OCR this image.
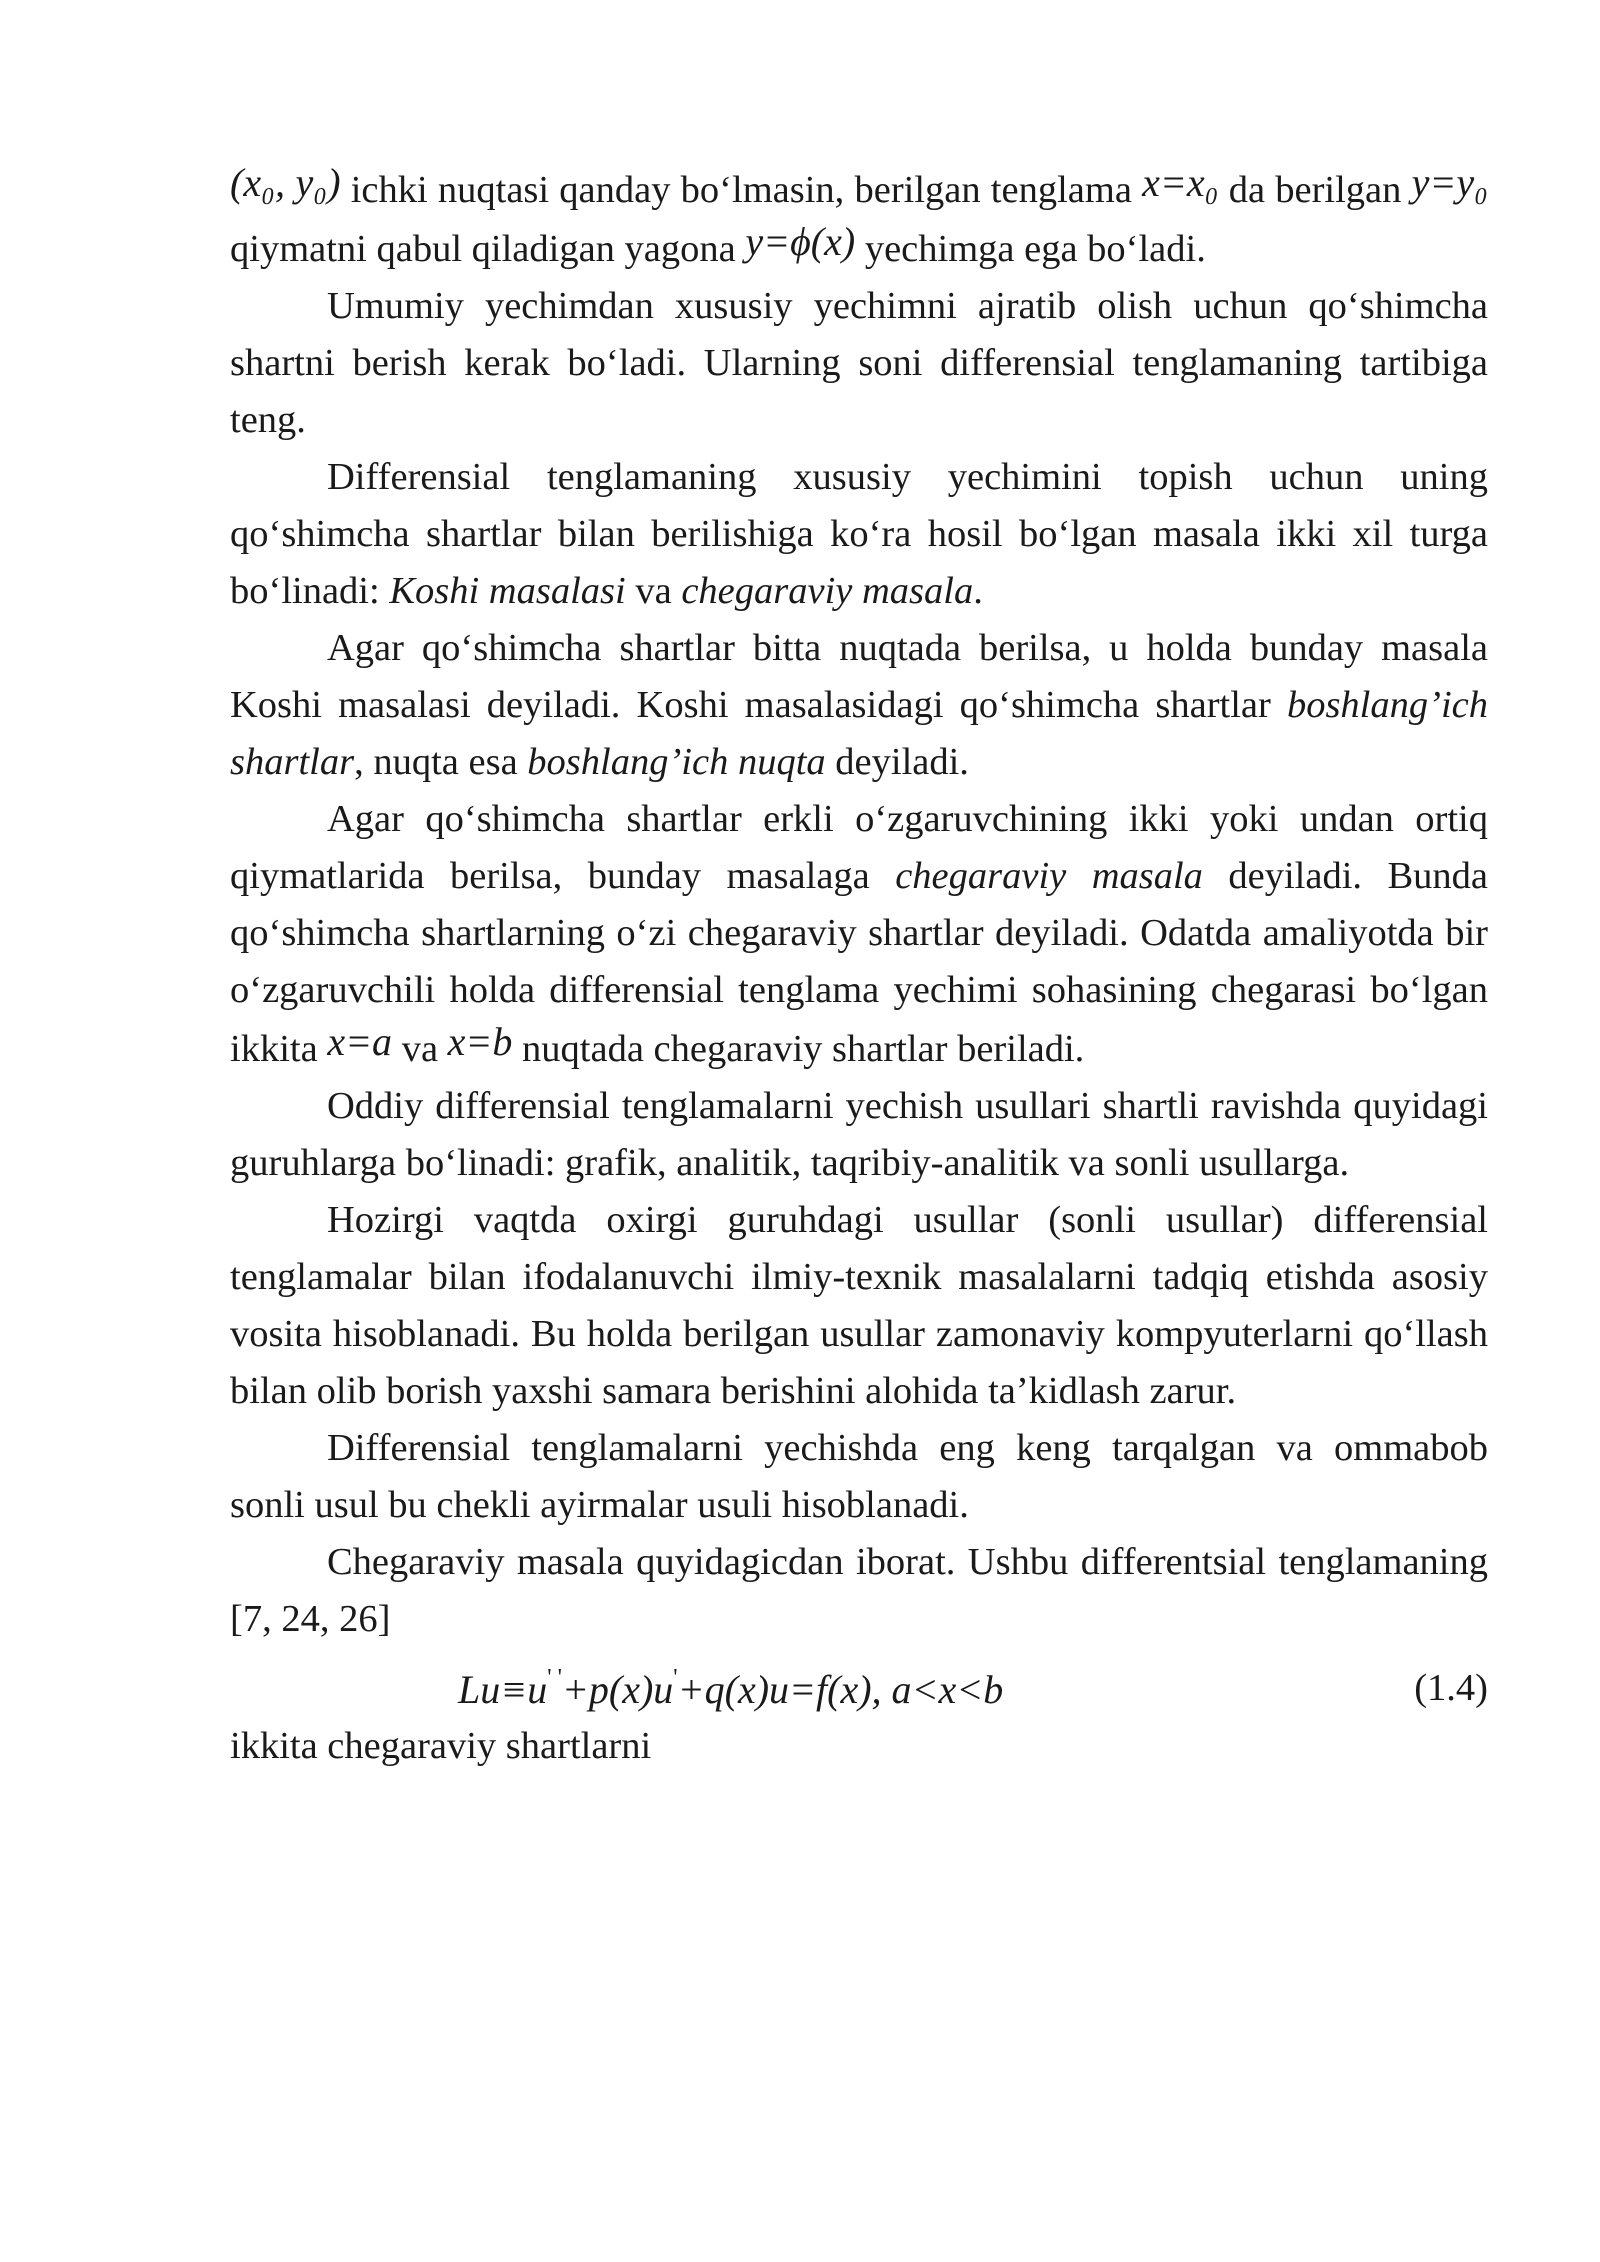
(x₀, y₀) ichki nuqtasi qanday bo‘lmasin, berilgan tenglama x=x₀ da berilgan y=y₀ qiymatni qabul qiladigan yagona y=ϕ(x) yechimga ega bo‘ladi.

Umumiy yechimdan xususiy yechimni ajratib olish uchun qo‘shimcha shartni berish kerak bo‘ladi. Ularning soni differensial tenglamaning tartibiga teng.

Differensial tenglamaning xususiy yechimini topish uchun uning qo‘shimcha shartlar bilan berilishiga ko‘ra hosil bo‘lgan masala ikki xil turga bo‘linadi: Koshi masalasi va chegaraviy masala.

Agar qo‘shimcha shartlar bitta nuqtada berilsa, u holda bunday masala Koshi masalasi deyiladi. Koshi masalasidagi qo‘shimcha shartlar boshlang’ich shartlar, nuqta esa boshlang’ich nuqta deyiladi.

Agar qo‘shimcha shartlar erkli o‘zgaruvchining ikki yoki undan ortiq qiymatlarida berilsa, bunday masalaga chegaraviy masala deyiladi. Bunda qo‘shimcha shartlarning o‘zi chegaraviy shartlar deyiladi. Odatda amaliyotda bir o‘zgaruvchili holda differensial tenglama yechimi sohasining chegarasi bo‘lgan ikkita x=a va x=b nuqtada chegaraviy shartlar beriladi.

Oddiy differensial tenglamalarni yechish usullari shartli ravishda quyidagi guruhlarga bo‘linadi: grafik, analitik, taqribiy-analitik va sonli usullarga.

Hozirgi vaqtda oxirgi guruhdagi usullar (sonli usullar) differensial tenglamalar bilan ifodalanuvchi ilmiy-texnik masalalarni tadqiq etishda asosiy vosita hisoblanadi. Bu holda berilgan usullar zamonaviy kompyuterlarni qo‘llash bilan olib borish yaxshi samara berishini alohida ta’kidlash zarur.

Differensial tenglamalarni yechishda eng keng tarqalgan va ommabob sonli usul bu chekli ayirmalar usuli hisoblanadi.

Chegaraviy masala quyidagicdan iborat. Ushbu differentsial tenglamaning [7, 24, 26]

Lu≡u' '+p(x)u'+q(x)u=f(x), a<x<b	(1.4)

ikkita chegaraviy shartlarni
